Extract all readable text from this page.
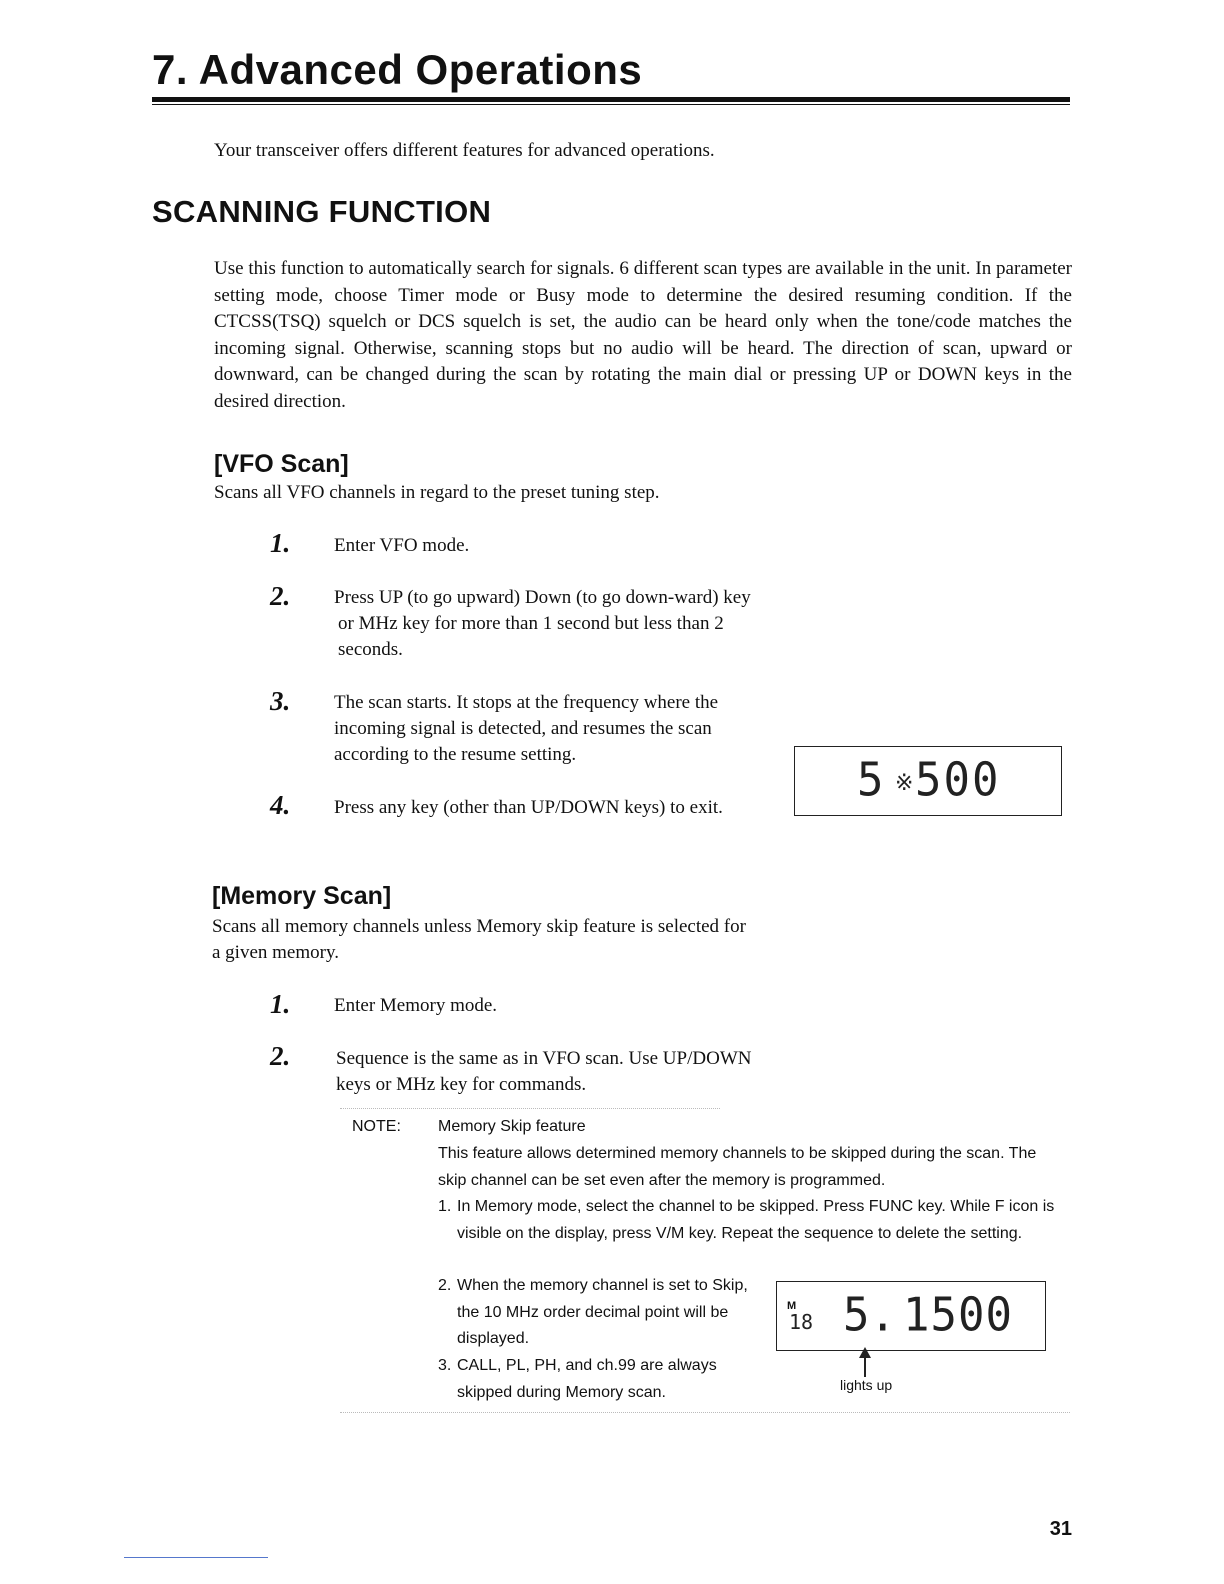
7. Advanced Operations

Your transceiver offers different features for advanced operations.

SCANNING FUNCTION

Use this function to automatically search for signals. 6 different scan types are available in the unit. In parameter setting mode, choose Timer mode or Busy mode to determine the desired resuming condition. If the CTCSS(TSQ) squelch or DCS squelch is set, the audio can be heard only when the tone/code matches the incoming signal. Otherwise, scanning stops but no audio will be heard. The direction of scan, upward or downward, can be changed during the scan by rotating the main dial or pressing UP or DOWN keys in the desired direction.

[VFO Scan]

Scans all VFO channels in regard to the preset tuning step.

1.	Enter VFO mode.

2.	Press UP (to go upward) Down (to go down-ward) key or MHz key for more than 1 second but less than 2 seconds.

3.	The scan starts. It stops at the frequency where the incoming signal is detected, and resumes the scan according to the resume setting.

4.	Press any key (other than UP/DOWN keys) to exit.

5 ※ 500
[Memory Scan]

Scans all memory channels unless Memory skip feature is selected for a given memory.

1.	Enter Memory mode.

2.	Sequence is the same as in VFO scan. Use UP/DOWN keys or MHz key for commands.

NOTE: Memory Skip feature

This feature allows determined memory channels to be skipped during the scan. The skip channel can be set even after the memory is programmed.

1. In Memory mode, select the channel to be skipped. Press FUNC key. While F icon is visible on the display, press V/M key. Repeat the sequence to delete the setting.

2. When the memory channel is set to Skip, the 10 MHz order decimal point will be displayed.

3. CALL, PL, PH, and ch.99 are always skipped during Memory scan.

M
18 5. 1500
lights up

31
